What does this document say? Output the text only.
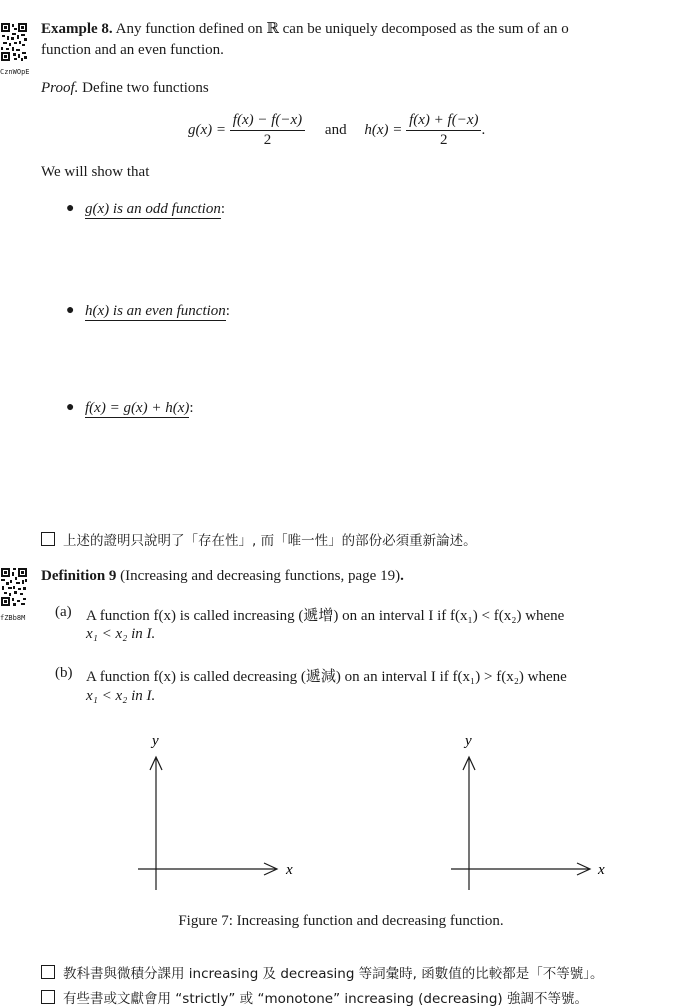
CznWOpE
Example 8. Any function defined on ℝ can be uniquely decomposed as the sum of an o
function and an even function.
Proof. Define two functions
$g(x) = \frac{f(x) - f(-x)}{2}$ and $h(x) = \frac{f(x) + f(-x)}{2}$ .
We will show that
● g(x) is an odd function:
● h(x) is an even function:
● f(x) = g(x) + h(x):
上述的證明只說明了「存在性」, 而「唯一性」的部份必須重新論述。
fZBb8M
Definition 9 (Increasing and decreasing functions, page 19).
(a) A function f(x) is called increasing (遞增) on an interval I if f(x₁) < f(x₂) whene
x₁ < x₂ in I.
(b) A function f(x) is called decreasing (遞減) on an interval I if f(x₁) > f(x₂) whene
x₁ < x₂ in I.
y
x
y
x
Figure 7: Increasing function and decreasing function.
教科書與微積分課用 increasing 及 decreasing 等詞彙時, 函數值的比較都是「不等號」。
有些書或文獻會用 “strictly” 或 “monotone” increasing (decreasing) 強調不等號。
